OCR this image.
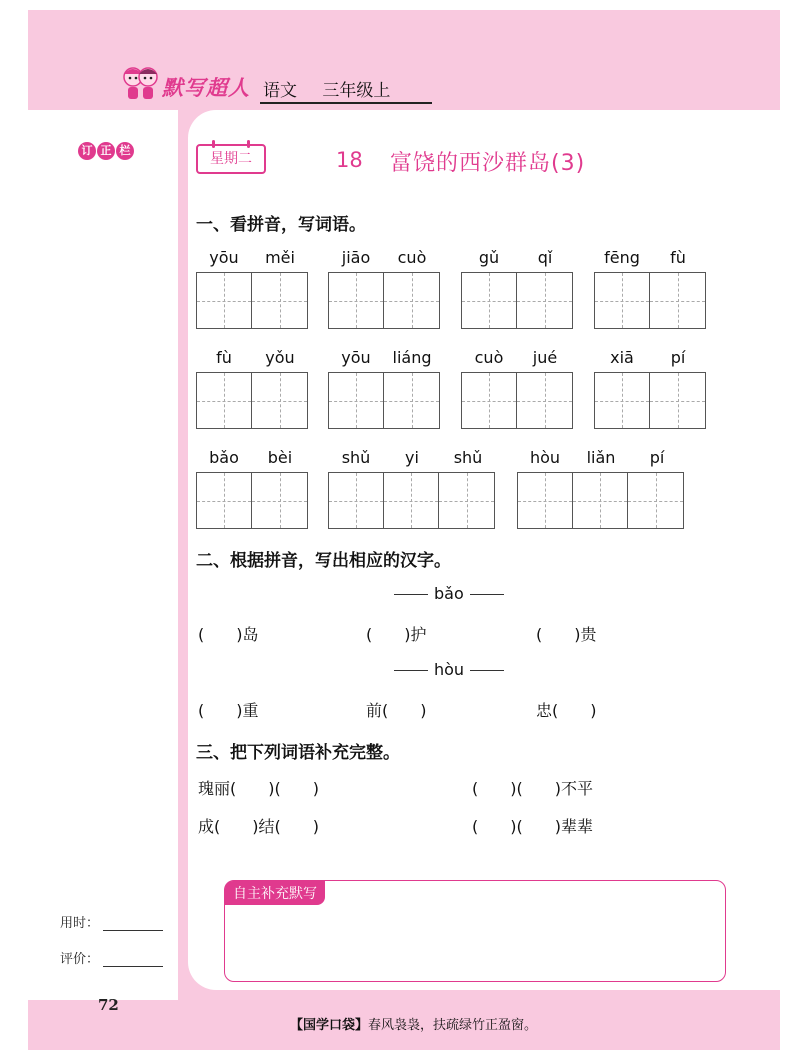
默写超人 语文 三年级上
订 正 栏
用时：
评价：
星期二	18 富饶的西沙群岛(3)
一、看拼音，写词语。
yōu	měi	jiāo	cuò	gǔ	qǐ	fēng	fù
fù	yǒu	yōu	liáng	cuò	jué	xiā	pí
bǎo	bèi	shǔ	yi	shǔ	hòu	liǎn	pí
二、根据拼音，写出相应的汉字。
bǎo
(　　)岛	(　　)护	(　　)贵
hòu
(　　)重	前(　　)	忠(　　)
三、把下列词语补充完整。
瑰丽(　　)(　　)	(　　)(　　)不平
成(　　)结(　　)	(　　)(　　)辈辈
自主补充默写
72
【国学口袋】春风袅袅，扶疏绿竹正盈窗。
